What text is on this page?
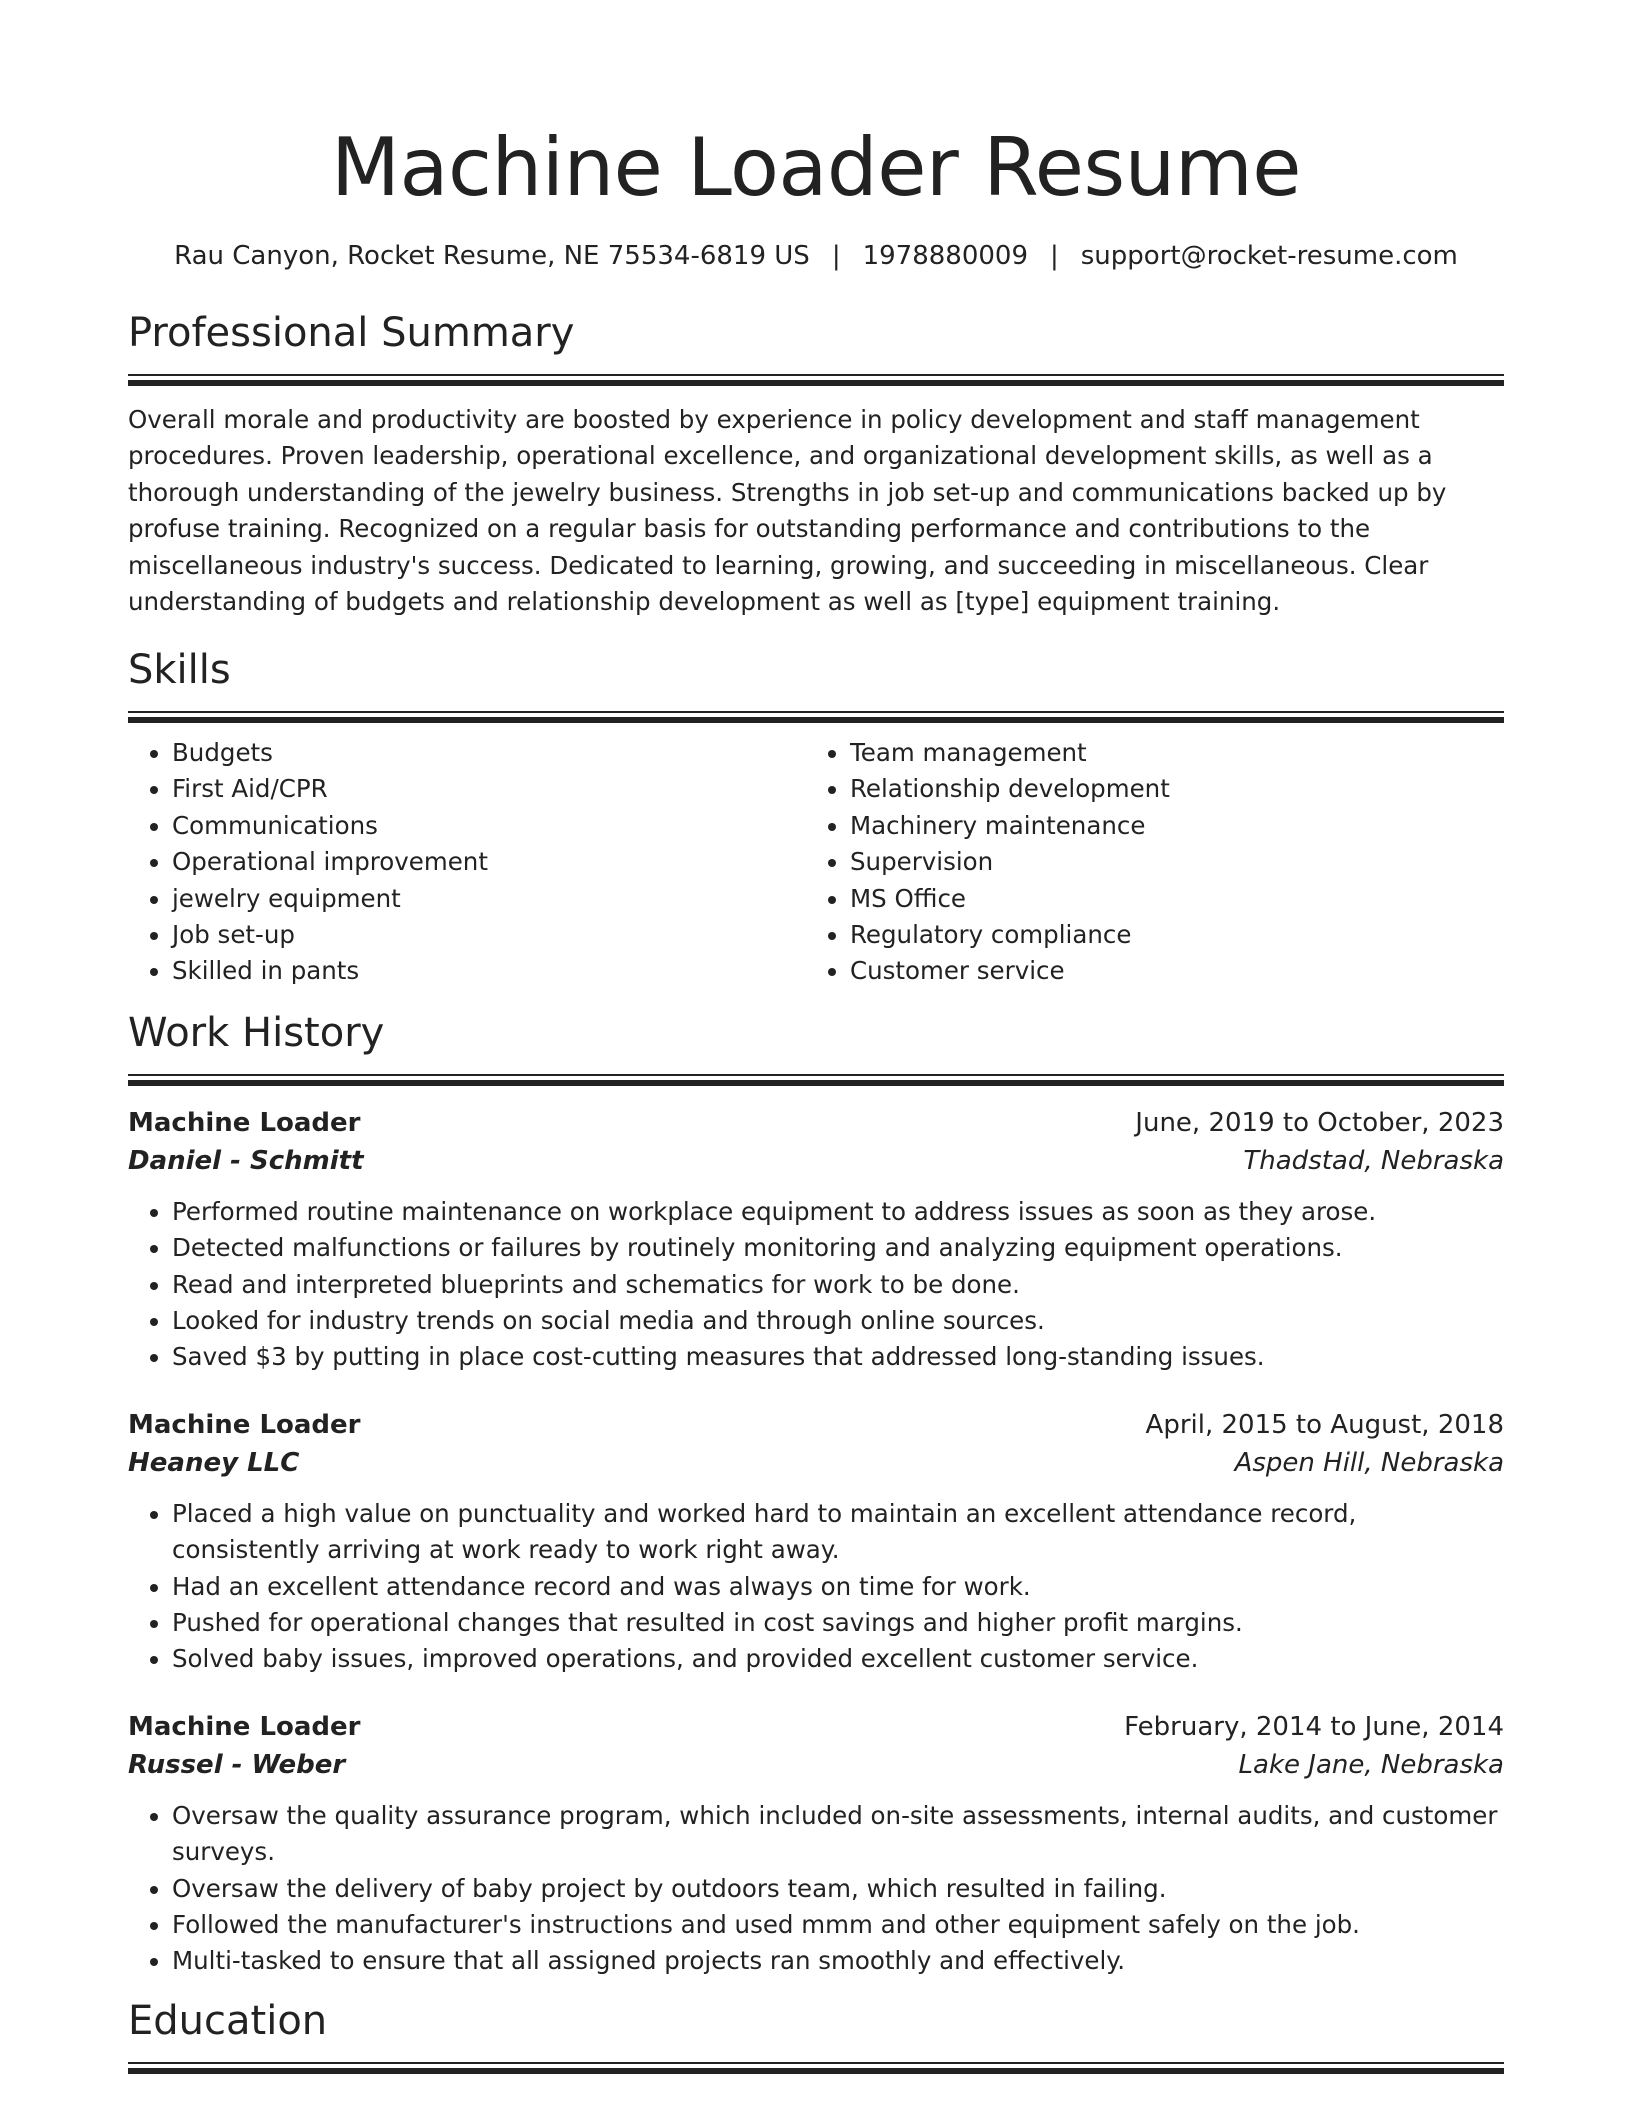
Machine Loader Resume
Rau Canyon, Rocket Resume, NE 75534-6819 US | 1978880009 | support@rocket-resume.com
Professional Summary

Overall morale and productivity are boosted by experience in policy development and staff management procedures. Proven leadership, operational excellence, and organizational development skills, as well as a thorough understanding of the jewelry business. Strengths in job set-up and communications backed up by profuse training. Recognized on a regular basis for outstanding performance and contributions to the miscellaneous industry's success. Dedicated to learning, growing, and succeeding in miscellaneous. Clear understanding of budgets and relationship development as well as [type] equipment training.

Skills
• Budgets
• First Aid/CPR
• Communications
• Operational improvement
• jewelry equipment
• Job set-up
• Skilled in pants
• Team management
• Relationship development
• Machinery maintenance
• Supervision
• MS Office
• Regulatory compliance
• Customer service
Work History
Machine Loader	June, 2019 to October, 2023
Daniel - Schmitt	Thadstad, Nebraska
• Performed routine maintenance on workplace equipment to address issues as soon as they arose.
• Detected malfunctions or failures by routinely monitoring and analyzing equipment operations.
• Read and interpreted blueprints and schematics for work to be done.
• Looked for industry trends on social media and through online sources.
• Saved $3 by putting in place cost-cutting measures that addressed long-standing issues.
Machine Loader	April, 2015 to August, 2018
Heaney LLC	Aspen Hill, Nebraska
• Placed a high value on punctuality and worked hard to maintain an excellent attendance record, consistently arriving at work ready to work right away.
• Had an excellent attendance record and was always on time for work.
• Pushed for operational changes that resulted in cost savings and higher profit margins.
• Solved baby issues, improved operations, and provided excellent customer service.
Machine Loader	February, 2014 to June, 2014
Russel - Weber	Lake Jane, Nebraska
• Oversaw the quality assurance program, which included on-site assessments, internal audits, and customer surveys.
• Oversaw the delivery of baby project by outdoors team, which resulted in failing.
• Followed the manufacturer's instructions and used mmm and other equipment safely on the job.
• Multi-tasked to ensure that all assigned projects ran smoothly and effectively.
Education
